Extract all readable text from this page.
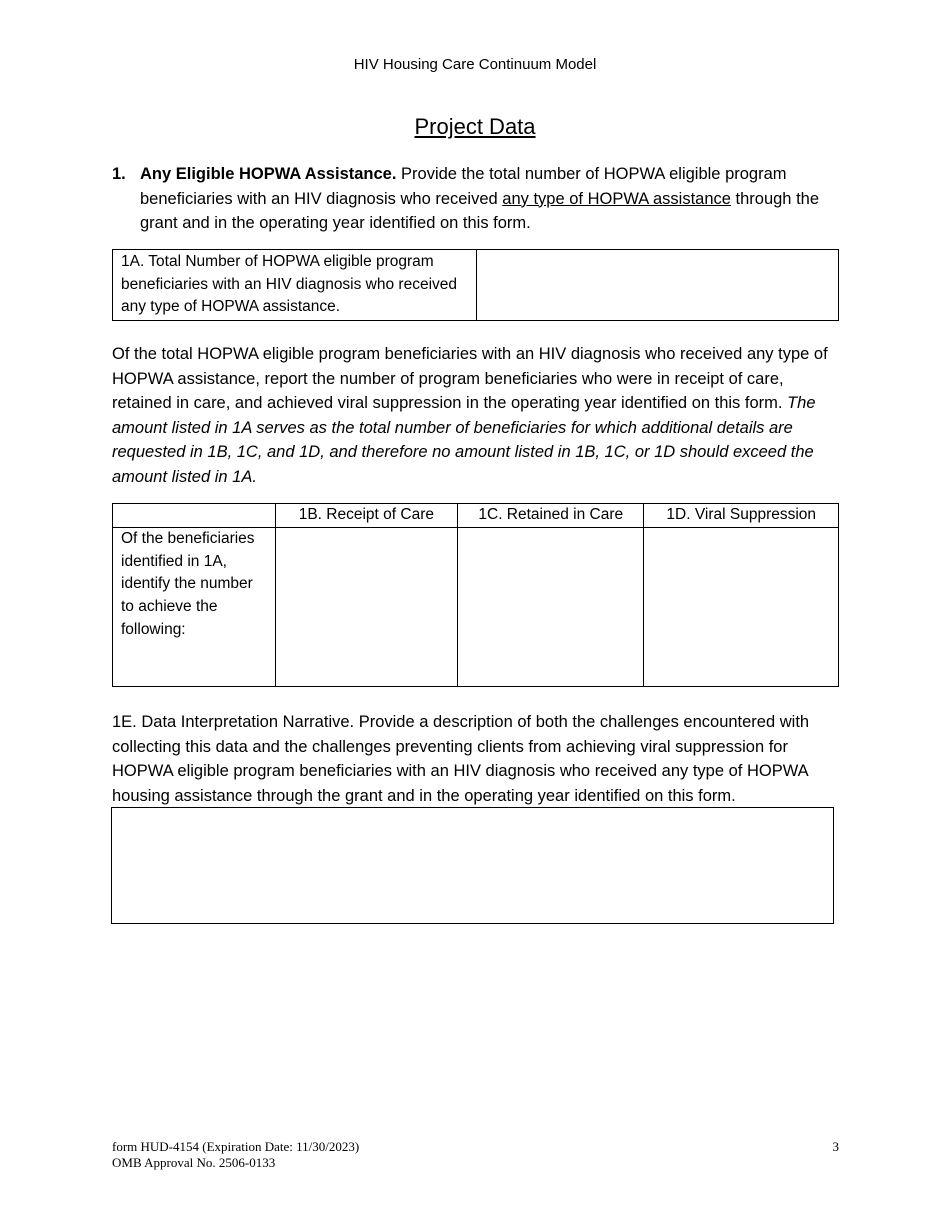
HIV Housing Care Continuum Model
Project Data
1. Any Eligible HOPWA Assistance. Provide the total number of HOPWA eligible program beneficiaries with an HIV diagnosis who received any type of HOPWA assistance through the grant and in the operating year identified on this form.
1A. Total Number of HOPWA eligible program beneficiaries with an HIV diagnosis who received any type of HOPWA assistance.	
Of the total HOPWA eligible program beneficiaries with an HIV diagnosis who received any type of HOPWA assistance, report the number of program beneficiaries who were in receipt of care, retained in care, and achieved viral suppression in the operating year identified on this form. The amount listed in 1A serves as the total number of beneficiaries for which additional details are requested in 1B, 1C, and 1D, and therefore no amount listed in 1B, 1C, or 1D should exceed the amount listed in 1A.
	1B. Receipt of Care	1C. Retained in Care	1D. Viral Suppression
Of the beneficiaries identified in 1A, identify the number to achieve the following:			
1E. Data Interpretation Narrative. Provide a description of both the challenges encountered with collecting this data and the challenges preventing clients from achieving viral suppression for HOPWA eligible program beneficiaries with an HIV diagnosis who received any type of HOPWA housing assistance through the grant and in the operating year identified on this form.
form HUD-4154 (Expiration Date: 11/30/2023)
OMB Approval No. 2506-0133
3
